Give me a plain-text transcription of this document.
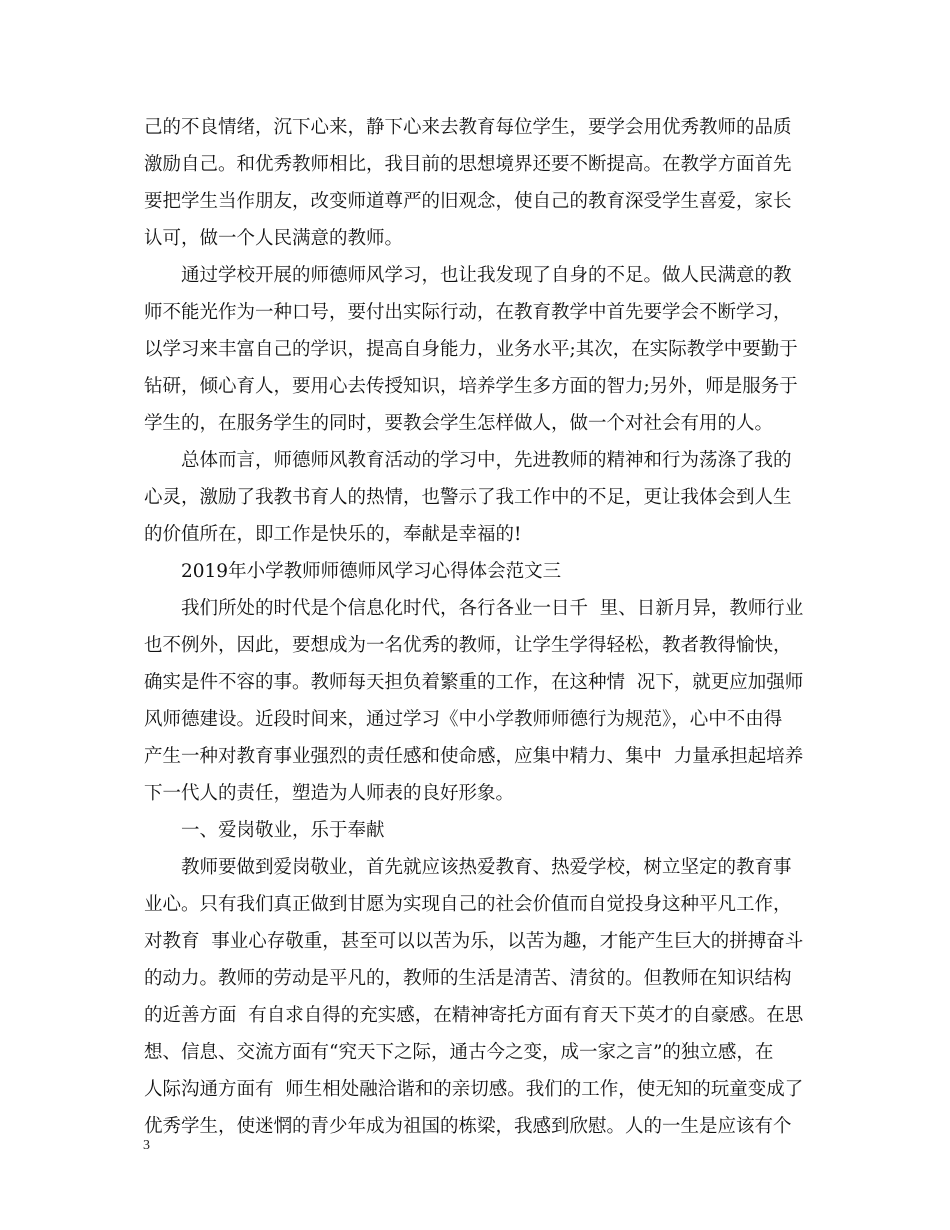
己的不良情绪，沉下心来，静下心来去教育每位学生，要学会用优秀教师的品质
激励自己。和优秀教师相比，我目前的思想境界还要不断提高。在教学方面首先
要把学生当作朋友，改变师道尊严的旧观念，使自己的教育深受学生喜爱，家长
认可，做一个人民满意的教师。
通过学校开展的师德师风学习，也让我发现了自身的不足。做人民满意的教
师不能光作为一种口号，要付出实际行动，在教育教学中首先要学会不断学习，
以学习来丰富自己的学识，提高自身能力，业务水平;其次，在实际教学中要勤于
钻研，倾心育人，要用心去传授知识，培养学生多方面的智力;另外，师是服务于
学生的，在服务学生的同时，要教会学生怎样做人，做一个对社会有用的人。
总体而言，师德师风教育活动的学习中，先进教师的精神和行为荡涤了我的
心灵，激励了我教书育人的热情，也警示了我工作中的不足，更让我体会到人生
的价值所在，即工作是快乐的，奉献是幸福的!
2019年小学教师师德师风学习心得体会范文三
我们所处的时代是个信息化时代，各行各业一日千  里、日新月异，教师行业
也不例外，因此，要想成为一名优秀的教师，让学生学得轻松，教者教得愉快，
确实是件不容的事。教师每天担负着繁重的工作，在这种情  况下，就更应加强师
风师德建设。近段时间来，通过学习《中小学教师师德行为规范》，心中不由得
产生一种对教育事业强烈的责任感和使命感，应集中精力、集中  力量承担起培养
下一代人的责任，塑造为人师表的良好形象。
一、爱岗敬业，乐于奉献
教师要做到爱岗敬业，首先就应该热爱教育、热爱学校，树立坚定的教育事
业心。只有我们真正做到甘愿为实现自己的社会价值而自觉投身这种平凡工作，
对教育  事业心存敬重，甚至可以以苦为乐，以苦为趣，才能产生巨大的拼搏奋斗
的动力。教师的劳动是平凡的，教师的生活是清苦、清贫的。但教师在知识结构
的近善方面  有自求自得的充实感，在精神寄托方面有育天下英才的自豪感。在思
想、信息、交流方面有“究天下之际，通古今之变，成一家之言”的独立感，在
人际沟通方面有  师生相处融洽谐和的亲切感。我们的工作，使无知的玩童变成了
优秀学生，使迷惘的青少年成为祖国的栋梁，我感到欣慰。人的一生是应该有个
3
